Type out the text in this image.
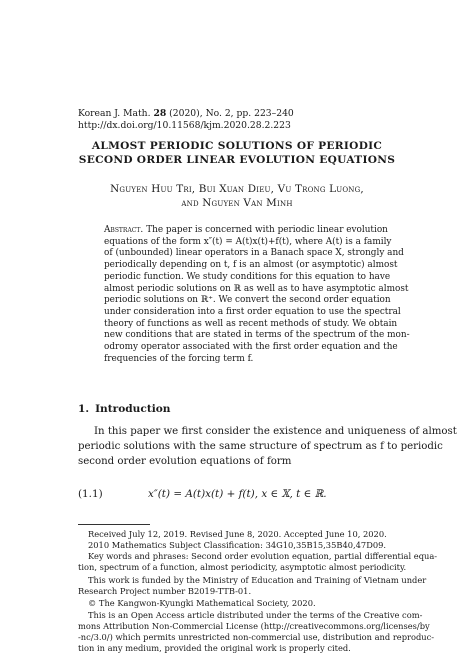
Korean J. Math. 28 (2020), No. 2, pp. 223–240
http://dx.doi.org/10.11568/kjm.2020.28.2.223
ALMOST PERIODIC SOLUTIONS OF PERIODIC
SECOND ORDER LINEAR EVOLUTION EQUATIONS
Nguyen Huu Tri, Bui Xuan Dieu, Vu Trong Luong,
and Nguyen Van Minh
Abstract. The paper is concerned with periodic linear evolution
equations of the form x″(t) = A(t)x(t)+f(t), where A(t) is a family
of (unbounded) linear operators in a Banach space X, strongly and
periodically depending on t, f is an almost (or asymptotic) almost
periodic function. We study conditions for this equation to have
almost periodic solutions on ℝ as well as to have asymptotic almost
periodic solutions on ℝ⁺. We convert the second order equation
under consideration into a first order equation to use the spectral
theory of functions as well as recent methods of study. We obtain
new conditions that are stated in terms of the spectrum of the mon-
odromy operator associated with the first order equation and the
frequencies of the forcing term f.
1. Introduction
In this paper we first consider the existence and uniqueness of almost
periodic solutions with the same structure of spectrum as f to periodic
second order evolution equations of form
(1.1)	x″(t) = A(t)x(t) + f(t), x ∈ 𝕏, t ∈ ℝ.
Received July 12, 2019. Revised June 8, 2020. Accepted June 10, 2020.
2010 Mathematics Subject Classification: 34G10,35B15,35B40,47D09.
Key words and phrases: Second order evolution equation, partial differential equa-
tion, spectrum of a function, almost periodicity, asymptotic almost periodicity.
This work is funded by the Ministry of Education and Training of Vietnam under
Research Project number B2019-TTB-01.
© The Kangwon-Kyungki Mathematical Society, 2020.
This is an Open Access article distributed under the terms of the Creative com-
mons Attribution Non-Commercial License (http://creativecommons.org/licenses/by
-nc/3.0/) which permits unrestricted non-commercial use, distribution and reproduc-
tion in any medium, provided the original work is properly cited.
